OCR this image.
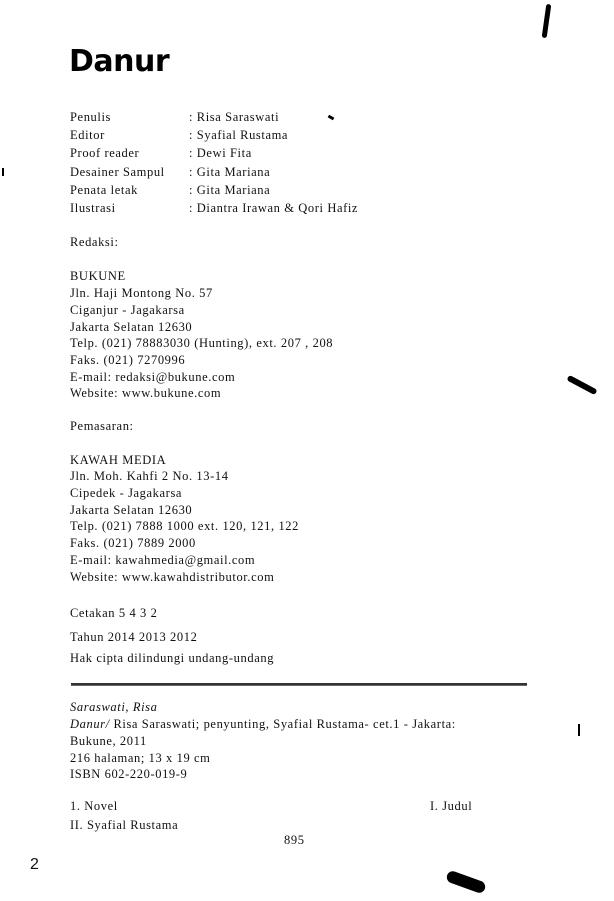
Danur
Penulis	: Risa Saraswati
Editor	: Syafial Rustama
Proof reader	: Dewi Fita
Desainer Sampul : Gita Mariana
Penata letak	: Gita Mariana
Ilustrasi	: Diantra Irawan & Qori Hafiz
Redaksi:
BUKUNE
Jln. Haji Montong No. 57
Ciganjur - Jagakarsa
Jakarta Selatan 12630
Telp. (021) 78883030 (Hunting), ext. 207 , 208
Faks. (021) 7270996
E-mail: redaksi@bukune.com
Website: www.bukune.com
Pemasaran:
KAWAH MEDIA
Jln. Moh. Kahfi 2 No. 13-14
Cipedek - Jagakarsa
Jakarta Selatan 12630
Telp. (021) 7888 1000 ext. 120, 121, 122
Faks. (021) 7889 2000
E-mail: kawahmedia@gmail.com
Website: www.kawahdistributor.com
Cetakan 5 4 3 2
Tahun 2014 2013 2012
Hak cipta dilindungi undang-undang
Saraswati, Risa
Danur/ Risa Saraswati; penyunting, Syafial Rustama- cet.1 - Jakarta:
Bukune, 2011
216 halaman; 13 x 19 cm
ISBN 602-220-019-9
1. Novel	I. Judul
II. Syafial Rustama
895
2
